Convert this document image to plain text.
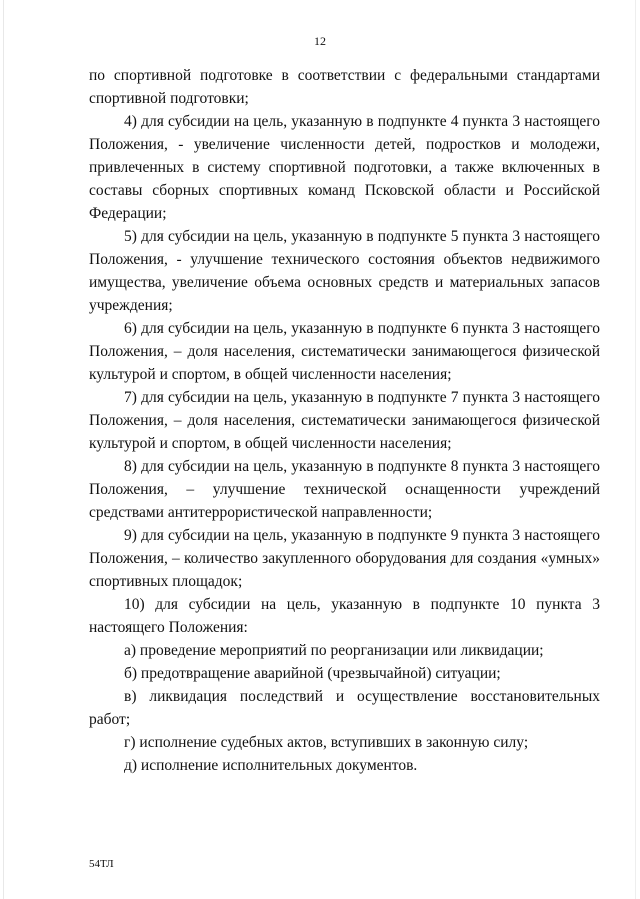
12

по спортивной подготовке в соответствии с федеральными стандартами спортивной подготовки;

4) для субсидии на цель, указанную в подпункте 4 пункта 3 настоящего Положения, - увеличение численности детей, подростков и молодежи, привлеченных в систему спортивной подготовки, а также включенных в составы сборных спортивных команд Псковской области и Российской Федерации;

5) для субсидии на цель, указанную в подпункте 5 пункта 3 настоящего Положения, - улучшение технического состояния объектов недвижимого имущества, увеличение объема основных средств и материальных запасов учреждения;

6) для субсидии на цель, указанную в подпункте 6 пункта 3 настоящего Положения, – доля населения, систематически занимающегося физической культурой и спортом, в общей численности населения;

7) для субсидии на цель, указанную в подпункте 7 пункта 3 настоящего Положения, – доля населения, систематически занимающегося физической культурой и спортом, в общей численности населения;

8) для субсидии на цель, указанную в подпункте 8 пункта 3 настоящего Положения, – улучшение технической оснащенности учреждений средствами антитеррористической направленности;

9) для субсидии на цель, указанную в подпункте 9 пункта 3 настоящего Положения, – количество закупленного оборудования для создания «умных» спортивных площадок;

10) для субсидии на цель, указанную в подпункте 10 пункта 3 настоящего Положения:

а) проведение мероприятий по реорганизации или ликвидации;

б) предотвращение аварийной (чрезвычайной) ситуации;

в) ликвидация последствий и осуществление восстановительных работ;

г) исполнение судебных актов, вступивших в законную силу;

д) исполнение исполнительных документов.

54ТЛ
